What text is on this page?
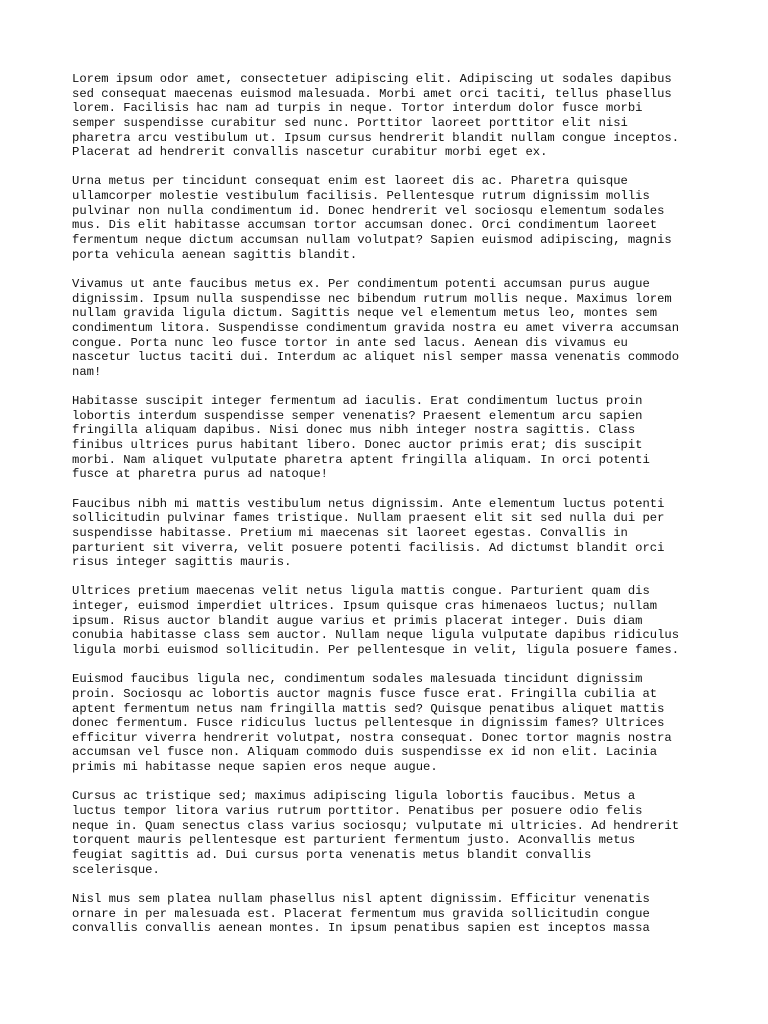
Lorem ipsum odor amet, consectetuer adipiscing elit. Adipiscing ut sodales dapibus
sed consequat maecenas euismod malesuada. Morbi amet orci taciti, tellus phasellus
lorem. Facilisis hac nam ad turpis in neque. Tortor interdum dolor fusce morbi
semper suspendisse curabitur sed nunc. Porttitor laoreet porttitor elit nisi
pharetra arcu vestibulum ut. Ipsum cursus hendrerit blandit nullam congue inceptos.
Placerat ad hendrerit convallis nascetur curabitur morbi eget ex.
Urna metus per tincidunt consequat enim est laoreet dis ac. Pharetra quisque
ullamcorper molestie vestibulum facilisis. Pellentesque rutrum dignissim mollis
pulvinar non nulla condimentum id. Donec hendrerit vel sociosqu elementum sodales
mus. Dis elit habitasse accumsan tortor accumsan donec. Orci condimentum laoreet
fermentum neque dictum accumsan nullam volutpat? Sapien euismod adipiscing, magnis
porta vehicula aenean sagittis blandit.
Vivamus ut ante faucibus metus ex. Per condimentum potenti accumsan purus augue
dignissim. Ipsum nulla suspendisse nec bibendum rutrum mollis neque. Maximus lorem
nullam gravida ligula dictum. Sagittis neque vel elementum metus leo, montes sem
condimentum litora. Suspendisse condimentum gravida nostra eu amet viverra accumsan
congue. Porta nunc leo fusce tortor in ante sed lacus. Aenean dis vivamus eu
nascetur luctus taciti dui. Interdum ac aliquet nisl semper massa venenatis commodo
nam!
Habitasse suscipit integer fermentum ad iaculis. Erat condimentum luctus proin
lobortis interdum suspendisse semper venenatis? Praesent elementum arcu sapien
fringilla aliquam dapibus. Nisi donec mus nibh integer nostra sagittis. Class
finibus ultrices purus habitant libero. Donec auctor primis erat; dis suscipit
morbi. Nam aliquet vulputate pharetra aptent fringilla aliquam. In orci potenti
fusce at pharetra purus ad natoque!
Faucibus nibh mi mattis vestibulum netus dignissim. Ante elementum luctus potenti
sollicitudin pulvinar fames tristique. Nullam praesent elit sit sed nulla dui per
suspendisse habitasse. Pretium mi maecenas sit laoreet egestas. Convallis in
parturient sit viverra, velit posuere potenti facilisis. Ad dictumst blandit orci
risus integer sagittis mauris.
Ultrices pretium maecenas velit netus ligula mattis congue. Parturient quam dis
integer, euismod imperdiet ultrices. Ipsum quisque cras himenaeos luctus; nullam
ipsum. Risus auctor blandit augue varius et primis placerat integer. Duis diam
conubia habitasse class sem auctor. Nullam neque ligula vulputate dapibus ridiculus
ligula morbi euismod sollicitudin. Per pellentesque in velit, ligula posuere fames.
Euismod faucibus ligula nec, condimentum sodales malesuada tincidunt dignissim
proin. Sociosqu ac lobortis auctor magnis fusce fusce erat. Fringilla cubilia at
aptent fermentum netus nam fringilla mattis sed? Quisque penatibus aliquet mattis
donec fermentum. Fusce ridiculus luctus pellentesque in dignissim fames? Ultrices
efficitur viverra hendrerit volutpat, nostra consequat. Donec tortor magnis nostra
accumsan vel fusce non. Aliquam commodo duis suspendisse ex id non elit. Lacinia
primis mi habitasse neque sapien eros neque augue.
Cursus ac tristique sed; maximus adipiscing ligula lobortis faucibus. Metus a
luctus tempor litora varius rutrum porttitor. Penatibus per posuere odio felis
neque in. Quam senectus class varius sociosqu; vulputate mi ultricies. Ad hendrerit
torquent mauris pellentesque est parturient fermentum justo. Aconvallis metus
feugiat sagittis ad. Dui cursus porta venenatis metus blandit convallis
scelerisque.
Nisl mus sem platea nullam phasellus nisl aptent dignissim. Efficitur venenatis
ornare in per malesuada est. Placerat fermentum mus gravida sollicitudin congue
convallis convallis aenean montes. In ipsum penatibus sapien est inceptos massa
